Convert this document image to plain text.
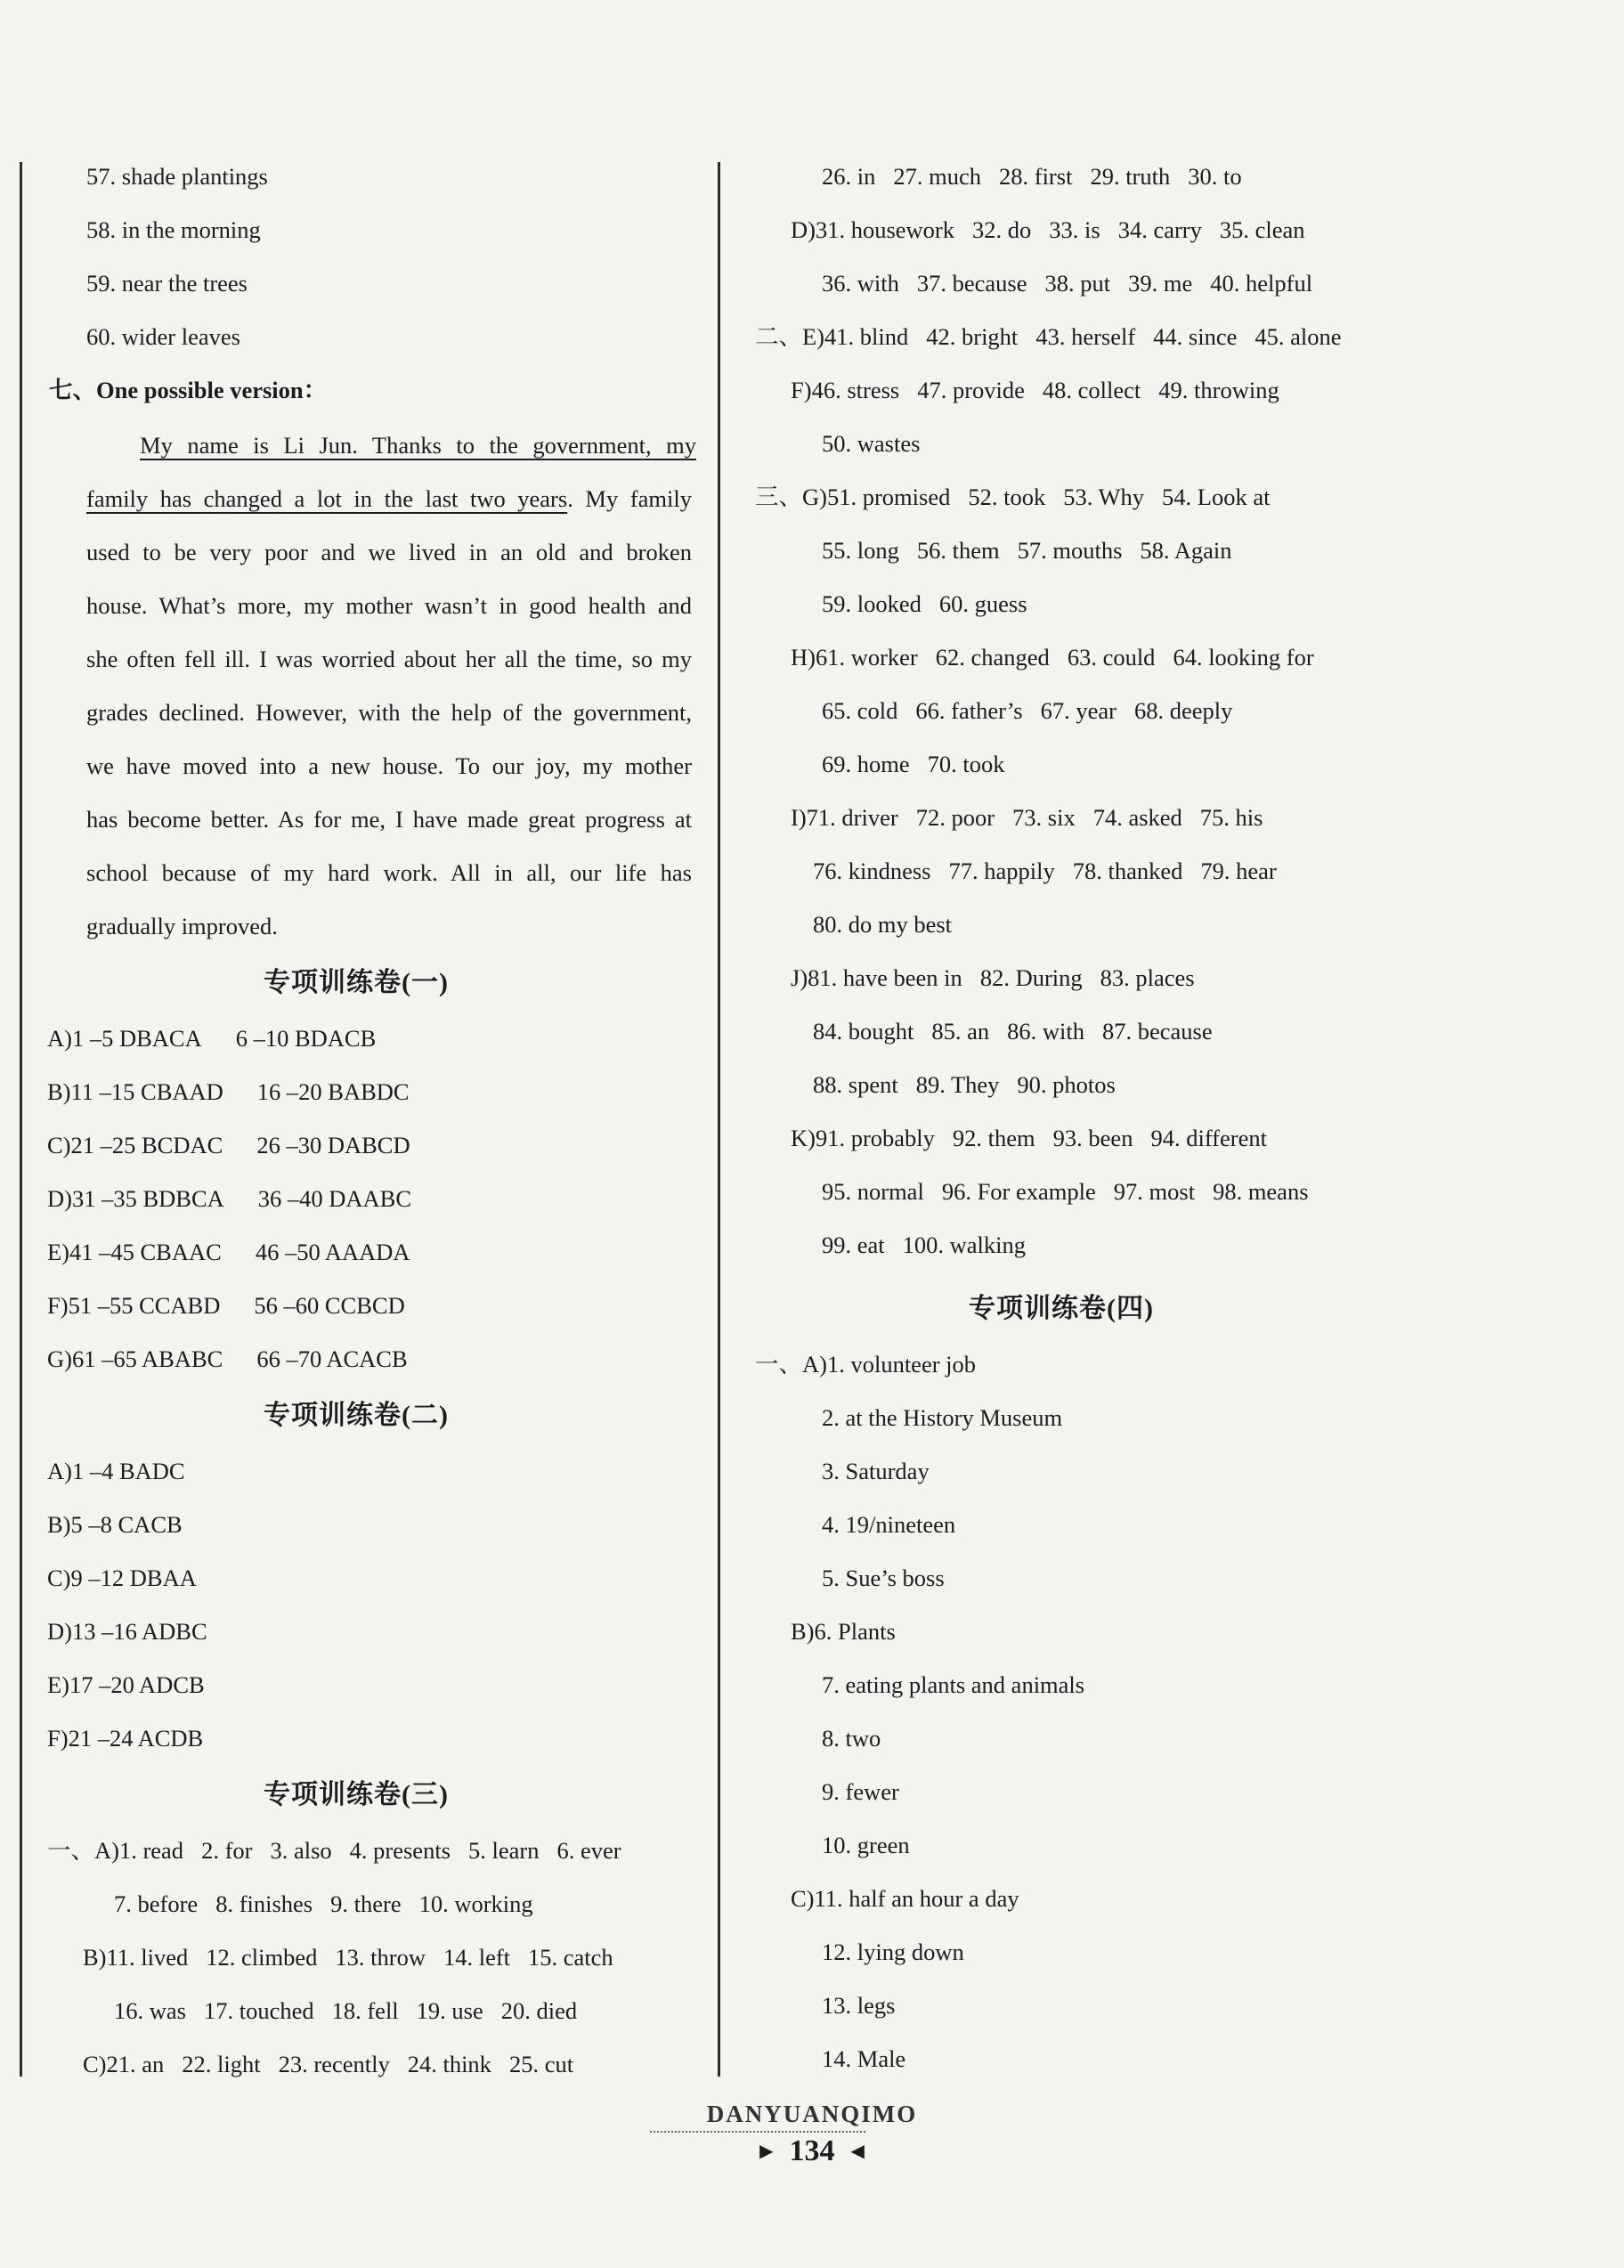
57. shade plantings
58. in the morning
59. near the trees
60. wider leaves
七、One possible version：
My name is Li Jun. Thanks to the government, my
family has changed a lot in the last two years. My family
used to be very poor and we lived in an old and broken
house. What’s more, my mother wasn’t in good health and
she often fell ill. I was worried about her all the time, so my
grades declined. However, with the help of the government,
we have moved into a new house. To our joy, my mother
has become better. As for me, I have made great progress at
school because of my hard work. All in all, our life has
gradually improved.
专项训练卷(一)
A)1 –5 DBACA 6 –10 BDACB
B)11 –15 CBAAD 16 –20 BABDC
C)21 –25 BCDAC 26 –30 DABCD
D)31 –35 BDBCA 36 –40 DAABC
E)41 –45 CBAAC 46 –50 AAADA
F)51 –55 CCABD 56 –60 CCBCD
G)61 –65 ABABC 66 –70 ACACB
专项训练卷(二)
A)1 –4 BADC
B)5 –8 CACB
C)9 –12 DBAA
D)13 –16 ADBC
E)17 –20 ADCB
F)21 –24 ACDB
专项训练卷(三)
一、A)1. read 2. for 3. also 4. presents 5. learn 6. ever
7. before 8. finishes 9. there 10. working
B)11. lived 12. climbed 13. throw 14. left 15. catch
16. was 17. touched 18. fell 19. use 20. died
C)21. an 22. light 23. recently 24. think 25. cut
26. in 27. much 28. first 29. truth 30. to
D)31. housework 32. do 33. is 34. carry 35. clean
36. with 37. because 38. put 39. me 40. helpful
二、E)41. blind 42. bright 43. herself 44. since 45. alone
F)46. stress 47. provide 48. collect 49. throwing
50. wastes
三、G)51. promised 52. took 53. Why 54. Look at
55. long 56. them 57. mouths 58. Again
59. looked 60. guess
H)61. worker 62. changed 63. could 64. looking for
65. cold 66. father’s 67. year 68. deeply
69. home 70. took
I)71. driver 72. poor 73. six 74. asked 75. his
76. kindness 77. happily 78. thanked 79. hear
80. do my best
J)81. have been in 82. During 83. places
84. bought 85. an 86. with 87. because
88. spent 89. They 90. photos
K)91. probably 92. them 93. been 94. different
95. normal 96. For example 97. most 98. means
99. eat 100. walking
专项训练卷(四)
一、A)1. volunteer job
2. at the History Museum
3. Saturday
4. 19/nineteen
5. Sue’s boss
B)6. Plants
7. eating plants and animals
8. two
9. fewer
10. green
C)11. half an hour a day
12. lying down
13. legs
14. Male
DANYUANQIMO
▶ 134 ◀
